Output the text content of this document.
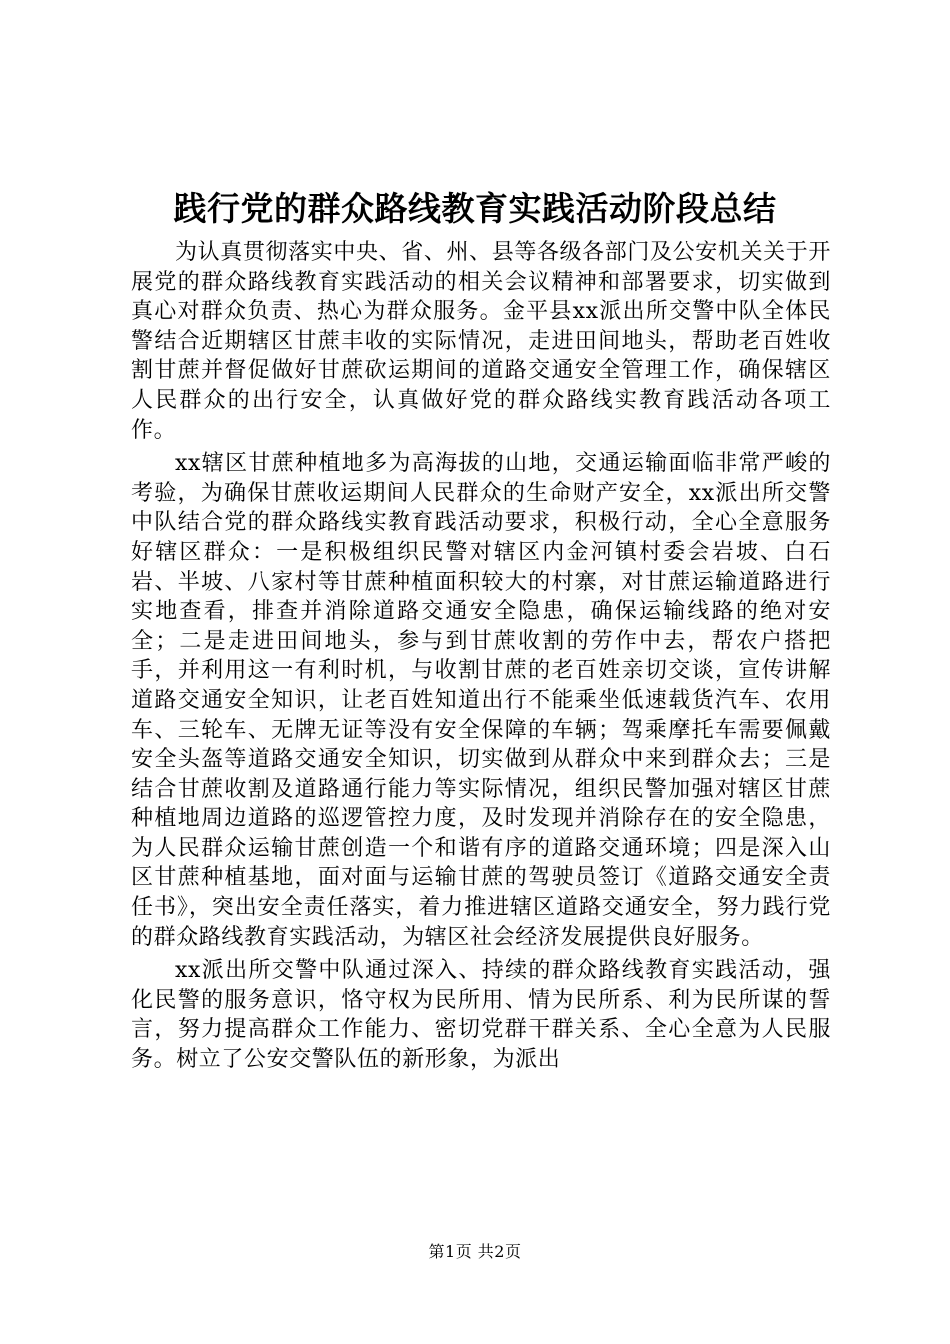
践行党的群众路线教育实践活动阶段总结

为认真贯彻落实中央、省、州、县等各级各部门及公安机关关于开展党的群众路线教育实践活动的相关会议精神和部署要求，切实做到真心对群众负责、热心为群众服务。金平县xx派出所交警中队全体民警结合近期辖区甘蔗丰收的实际情况，走进田间地头，帮助老百姓收割甘蔗并督促做好甘蔗砍运期间的道路交通安全管理工作，确保辖区人民群众的出行安全，认真做好党的群众路线实教育践活动各项工作。

xx辖区甘蔗种植地多为高海拔的山地，交通运输面临非常严峻的考验，为确保甘蔗收运期间人民群众的生命财产安全，xx派出所交警中队结合党的群众路线实教育践活动要求，积极行动，全心全意服务好辖区群众：一是积极组织民警对辖区内金河镇村委会岩坡、白石岩、半坡、八家村等甘蔗种植面积较大的村寨，对甘蔗运输道路进行实地查看，排查并消除道路交通安全隐患，确保运输线路的绝对安全；二是走进田间地头，参与到甘蔗收割的劳作中去，帮农户搭把手，并利用这一有利时机，与收割甘蔗的老百姓亲切交谈，宣传讲解道路交通安全知识，让老百姓知道出行不能乘坐低速载货汽车、农用车、三轮车、无牌无证等没有安全保障的车辆；驾乘摩托车需要佩戴安全头盔等道路交通安全知识，切实做到从群众中来到群众去；三是结合甘蔗收割及道路通行能力等实际情况，组织民警加强对辖区甘蔗种植地周边道路的巡逻管控力度，及时发现并消除存在的安全隐患，为人民群众运输甘蔗创造一个和谐有序的道路交通环境；四是深入山区甘蔗种植基地，面对面与运输甘蔗的驾驶员签订《道路交通安全责任书》，突出安全责任落实，着力推进辖区道路交通安全，努力践行党的群众路线教育实践活动，为辖区社会经济发展提供良好服务。

xx派出所交警中队通过深入、持续的群众路线教育实践活动，强化民警的服务意识，恪守权为民所用、情为民所系、利为民所谋的誓言，努力提高群众工作能力、密切党群干群关系、全心全意为人民服务。树立了公安交警队伍的新形象，为派出

第1页 共2页
